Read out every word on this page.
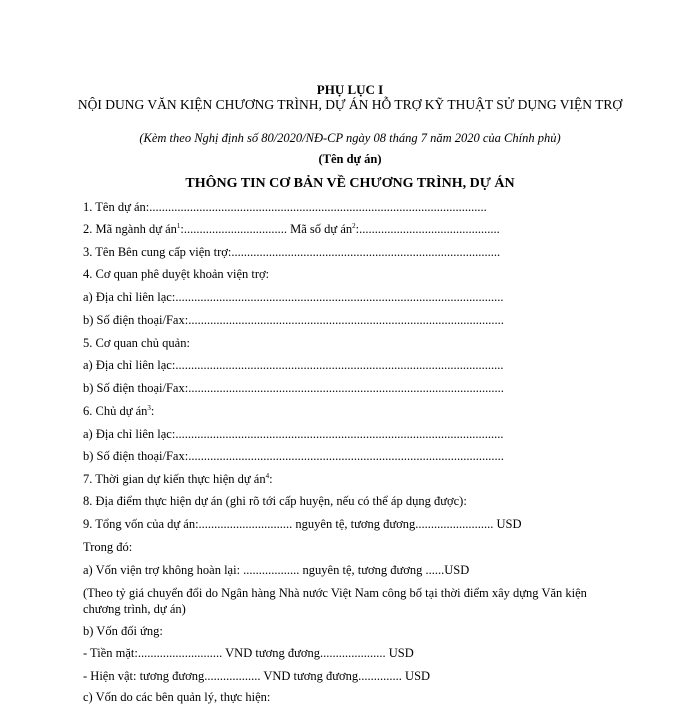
PHỤ LỤC I
NỘI DUNG VĂN KIỆN CHƯƠNG TRÌNH, DỰ ÁN HỖ TRỢ KỸ THUẬT SỬ DỤNG VIỆN TRỢ
(Kèm theo Nghị định số 80/2020/NĐ-CP ngày 08 tháng 7 năm 2020 của Chính phủ)
(Tên dự án)
THÔNG TIN CƠ BẢN VỀ CHƯƠNG TRÌNH, DỰ ÁN
1. Tên dự án:............................................................................................................
2. Mã ngành dự $án^1$:................................. Mã số dự $án^2$:.............................................
3. Tên Bên cung cấp viện trợ:......................................................................................
4. Cơ quan phê duyệt khoản viện trợ:
a) Địa chỉ liên lạc:.........................................................................................................
b) Số điện thoại/Fax:.....................................................................................................
5. Cơ quan chủ quản:
a) Địa chỉ liên lạc:.........................................................................................................
b) Số điện thoại/Fax:.....................................................................................................
6. Chủ dự $án^3$:
a) Địa chỉ liên lạc:.........................................................................................................
b) Số điện thoại/Fax:.....................................................................................................
7. Thời gian dự kiến thực hiện dự $án^4$:
8. Địa điểm thực hiện dự án (ghi rõ tới cấp huyện, nếu có thể áp dụng được):
9. Tổng vốn của dự án:.............................. nguyên tệ, tương đương......................... USD
Trong đó:
a) Vốn viện trợ không hoàn lại: .................. nguyên tệ, tương đương ......USD
(Theo tỷ giá chuyển đổi do Ngân hàng Nhà nước Việt Nam công bố tại thời điểm xây dựng Văn kiện chương trình, dự án)
b) Vốn đối ứng:
- Tiền mặt:........................... VND tương đương..................... USD
- Hiện vật: tương đương.................. VND tương đương.............. USD
c) Vốn do các bên quản lý, thực hiện:
